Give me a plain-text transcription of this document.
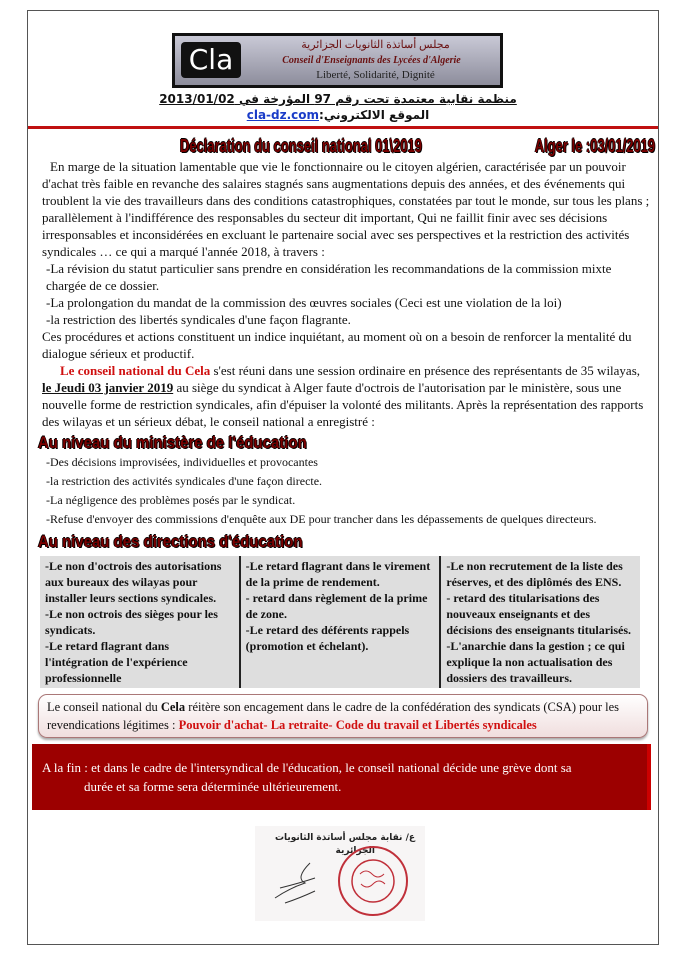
Cla	مجلس أساتذة الثانويات الجزائرية
Conseil d'Enseignants des Lycées d'Algerie
Liberté, Solidarité, Dignité
منظمة نقابية معتمدة تحت رقم 97 المؤرخة في 2013/01/02
الموقع الالكتروني:cla-dz.com
Déclaration du conseil national 01\2019	Alger le :03/01/2019
En marge de la situation lamentable que vie le fonctionnaire ou le citoyen algérien, caractérisée par un pouvoir d'achat très faible en revanche des salaires stagnés sans augmentations depuis des années, et des événements qui troublent la vie des travailleurs dans des conditions catastrophiques, constatées par tout le monde, sur tous les plans ; parallèlement à l'indifférence des responsables du secteur dit important, Qui ne faillit finir avec ses décisions irresponsables et inconsidérées en excluant le partenaire social avec ses perspectives et la restriction des activités syndicales … ce qui a marqué l'année 2018, à travers :
-La révision du statut particulier sans prendre en considération les recommandations de la commission mixte chargée de ce dossier.
-La prolongation du mandat de la commission des œuvres sociales (Ceci est une violation de la loi)
-la restriction des libertés syndicales d'une façon flagrante.
Ces procédures et actions constituent un indice inquiétant, au moment où on a besoin de renforcer la mentalité du dialogue sérieux et productif.
Le conseil national du Cela s'est réuni dans une session ordinaire en présence des représentants de 35 wilayas, le Jeudi 03 janvier 2019 au siège du syndicat à Alger faute d'octrois de l'autorisation par le ministère, sous une nouvelle forme de restriction syndicales, afin d'épuiser la volonté des militants. Après la représentation des rapports des wilayas et un sérieux débat, le conseil national a enregistré :
Au niveau du ministère de l'éducation
-Des décisions improvisées, individuelles et provocantes
-la restriction des activités syndicales d'une façon directe.
-La négligence des problèmes posés par le syndicat.
-Refuse d'envoyer des commissions d'enquête aux DE pour trancher dans les dépassements de quelques directeurs.
Au niveau des directions d'éducation
-Le non d'octrois des autorisations aux bureaux des wilayas pour installer leurs sections syndicales.
-Le non octrois des sièges pour les syndicats.
-Le retard flagrant dans l'intégration de l'expérience professionnelle
-Le retard flagrant dans le virement de la prime de rendement.
- retard dans règlement de la prime de zone.
-Le retard des déférents rappels (promotion et échelant).
-Le non recrutement de la liste des réserves, et des diplômés des ENS.
- retard des titularisations des nouveaux enseignants et des décisions des enseignants titularisés.
-L'anarchie dans la gestion ; ce qui explique la non actualisation des dossiers des travailleurs.
Le conseil national du Cela réitère son encagement dans le cadre de la confédération des syndicats (CSA) pour les revendications légitimes : Pouvoir d'achat- La retraite- Code du travail et Libertés syndicales
A la fin : et dans le cadre de l'intersyndical de l'éducation, le conseil national décide une grève dont sa
durée et sa forme sera déterminée ultérieurement.
ع/ نقابة مجلس أساتذة الثانويات
الجزائرية
